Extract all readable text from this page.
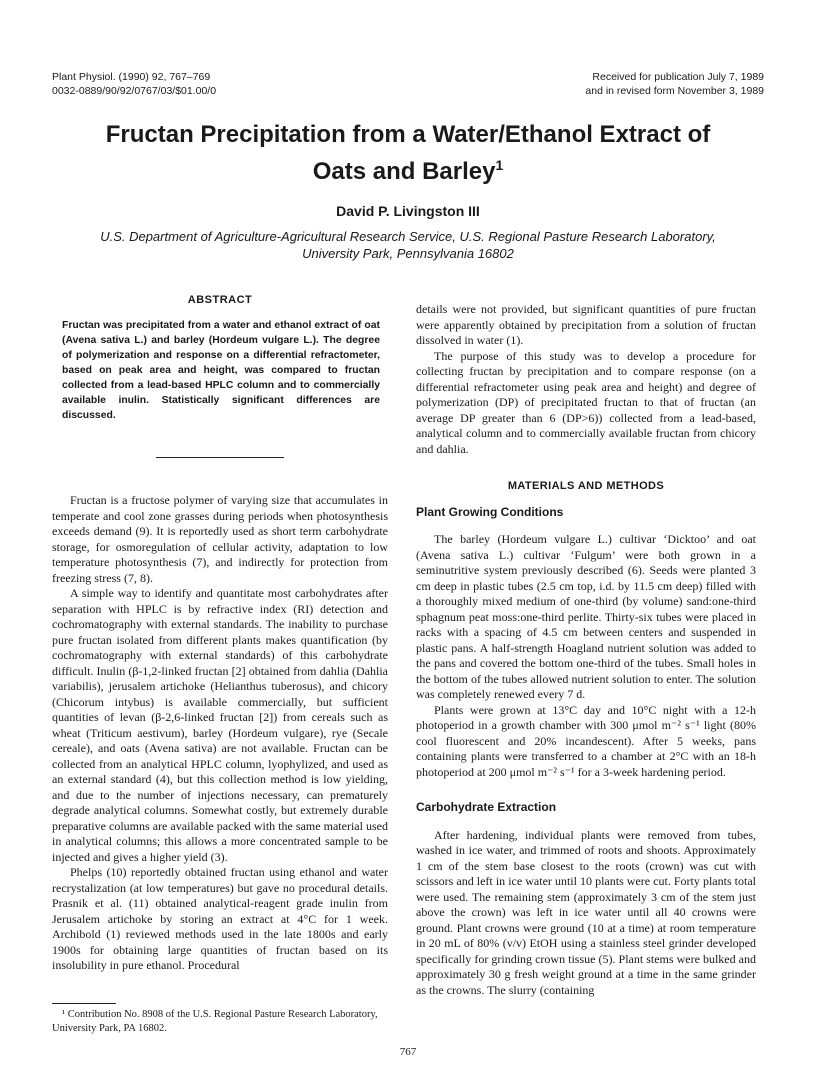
Plant Physiol. (1990) 92, 767–769
0032-0889/90/92/0767/03/$01.00/0
Received for publication July 7, 1989
and in revised form November 3, 1989
Fructan Precipitation from a Water/Ethanol Extract of
Oats and Barley$^1$
David P. Livingston III
U.S. Department of Agriculture-Agricultural Research Service, U.S. Regional Pasture Research Laboratory,
University Park, Pennsylvania 16802
ABSTRACT
Fructan was precipitated from a water and ethanol extract of oat (Avena sativa L.) and barley (Hordeum vulgare L.). The degree of polymerization and response on a differential refractometer, based on peak area and height, was compared to fructan collected from a lead-based HPLC column and to commercially available inulin. Statistically significant differences are discussed.

Fructan is a fructose polymer of varying size that accumulates in temperate and cool zone grasses during periods when photosynthesis exceeds demand (9). It is reportedly used as short term carbohydrate storage, for osmoregulation of cellular activity, adaptation to low temperature photosynthesis (7), and indirectly for protection from freezing stress (7, 8).

A simple way to identify and quantitate most carbohydrates after separation with HPLC is by refractive index (RI) detection and cochromatography with external standards. The inability to purchase pure fructan isolated from different plants makes quantification (by cochromatography with external standards) of this carbohydrate difficult. Inulin (β-1,2-linked fructan [2] obtained from dahlia (Dahlia variabilis), jerusalem artichoke (Helianthus tuberosus), and chicory (Chicorum intybus) is available commercially, but sufficient quantities of levan (β-2,6-linked fructan [2]) from cereals such as wheat (Triticum aestivum), barley (Hordeum vulgare), rye (Secale cereale), and oats (Avena sativa) are not available. Fructan can be collected from an analytical HPLC column, lyophylized, and used as an external standard (4), but this collection method is low yielding, and due to the number of injections necessary, can prematurely degrade analytical columns. Somewhat costly, but extremely durable preparative columns are available packed with the same material used in analytical columns; this allows a more concentrated sample to be injected and gives a higher yield (3).

Phelps (10) reportedly obtained fructan using ethanol and water recrystalization (at low temperatures) but gave no procedural details. Prasnik et al. (11) obtained analytical-reagent grade inulin from Jerusalem artichoke by storing an extract at 4°C for 1 week. Archibold (1) reviewed methods used in the late 1800s and early 1900s for obtaining large quantities of fructan based on its insolubility in pure ethanol. Procedural

¹ Contribution No. 8908 of the U.S. Regional Pasture Research Laboratory, University Park, PA 16802.

details were not provided, but significant quantities of pure fructan were apparently obtained by precipitation from a solution of fructan dissolved in water (1).

The purpose of this study was to develop a procedure for collecting fructan by precipitation and to compare response (on a differential refractometer using peak area and height) and degree of polymerization (DP) of precipitated fructan to that of fructan (an average DP greater than 6 (DP>6)) collected from a lead-based, analytical column and to commercially available fructan from chicory and dahlia.

MATERIALS AND METHODS
Plant Growing Conditions

The barley (Hordeum vulgare L.) cultivar ‘Dicktoo’ and oat (Avena sativa L.) cultivar ‘Fulgum’ were both grown in a seminutritive system previously described (6). Seeds were planted 3 cm deep in plastic tubes (2.5 cm top, i.d. by 11.5 cm deep) filled with a thoroughly mixed medium of one-third (by volume) sand:one-third sphagnum peat moss:one-third perlite. Thirty-six tubes were placed in racks with a spacing of 4.5 cm between centers and suspended in plastic pans. A half-strength Hoagland nutrient solution was added to the pans and covered the bottom one-third of the tubes. Small holes in the bottom of the tubes allowed nutrient solution to enter. The solution was completely renewed every 7 d.

Plants were grown at 13°C day and 10°C night with a 12-h photoperiod in a growth chamber with 300 μmol m⁻² s⁻¹ light (80% cool fluorescent and 20% incandescent). After 5 weeks, pans containing plants were transferred to a chamber at 2°C with an 18-h photoperiod at 200 μmol m⁻² s⁻¹ for a 3-week hardening period.

Carbohydrate Extraction

After hardening, individual plants were removed from tubes, washed in ice water, and trimmed of roots and shoots. Approximately 1 cm of the stem base closest to the roots (crown) was cut with scissors and left in ice water until 10 plants were cut. Forty plants total were used. The remaining stem (approximately 3 cm of the stem just above the crown) was left in ice water until all 40 crowns were ground. Plant crowns were ground (10 at a time) at room temperature in 20 mL of 80% (v/v) EtOH using a stainless steel grinder developed specifically for grinding crown tissue (5). Plant stems were bulked and approximately 30 g fresh weight ground at a time in the same grinder as the crowns. The slurry (containing

767
